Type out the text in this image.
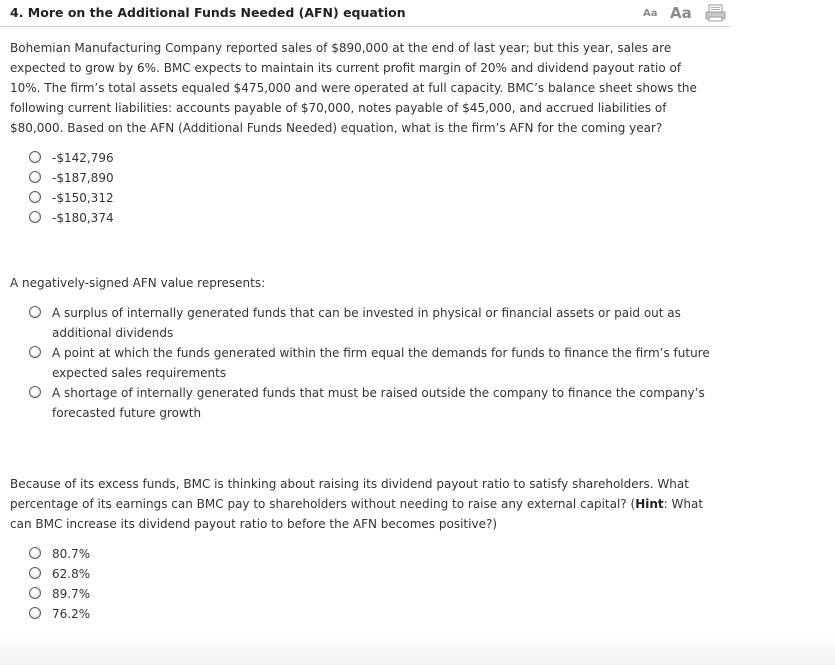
4. More on the Additional Funds Needed (AFN) equation	Aa Aa

Bohemian Manufacturing Company reported sales of $890,000 at the end of last year; but this year, sales are expected to grow by 6%. BMC expects to maintain its current profit margin of 20% and dividend payout ratio of 10%. The firm’s total assets equaled $475,000 and were operated at full capacity. BMC’s balance sheet shows the following current liabilities: accounts payable of $70,000, notes payable of $45,000, and accrued liabilities of $80,000. Based on the AFN (Additional Funds Needed) equation, what is the firm’s AFN for the coming year?

-$142,796
-$187,890
-$150,312
-$180,374

A negatively-signed AFN value represents:

A surplus of internally generated funds that can be invested in physical or financial assets or paid out as additional dividends
A point at which the funds generated within the firm equal the demands for funds to finance the firm’s future expected sales requirements
A shortage of internally generated funds that must be raised outside the company to finance the company’s forecasted future growth

Because of its excess funds, BMC is thinking about raising its dividend payout ratio to satisfy shareholders. What percentage of its earnings can BMC pay to shareholders without needing to raise any external capital? (Hint: What can BMC increase its dividend payout ratio to before the AFN becomes positive?)

80.7%
62.8%
89.7%
76.2%
